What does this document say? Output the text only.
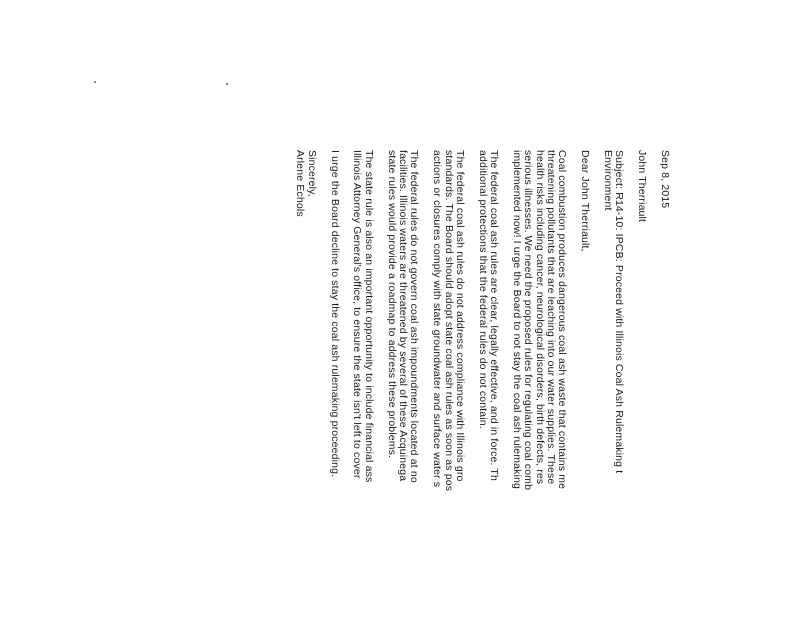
Sep 8, 2015
John Therriault
Subject: R14-10: IPCB: Proceed with Illinois Coal Ash Rulemaking t
Environment
Dear John Therriault,
Coal combustion produces dangerous coal ash waste that contains me
threatening pollutants that are leaching into our water supplies. These
health risks including cancer, neurological disorders, birth defects, res
serious illnesses. We need the proposed rules for regulating coal comb
implemented now! I urge the Board to not stay the coal ash rulemaking
The federal coal ash rules are clear, legally effective, and in force. Th
additional protections that the federal rules do not contain.
The federal coal ash rules do not address compliance with Illinois gro
standards. The Board should adopt state coal ash rules as soon as pos
actions or closures comply with state groundwater and surface water s
The federal rules do not govern coal ash impoundments located at no
facilities. Illinois waters are threatened by several of these Acquinega
state rules would provide a roadmap to address these problems.
The state rule is also an important opportunity to include financial ass
Illinois Attorney General's office, to ensure the state isn't left to cover
I urge the Board decline to stay the coal ash rulemaking proceeding.
Sincerely,
Arlene Echols
